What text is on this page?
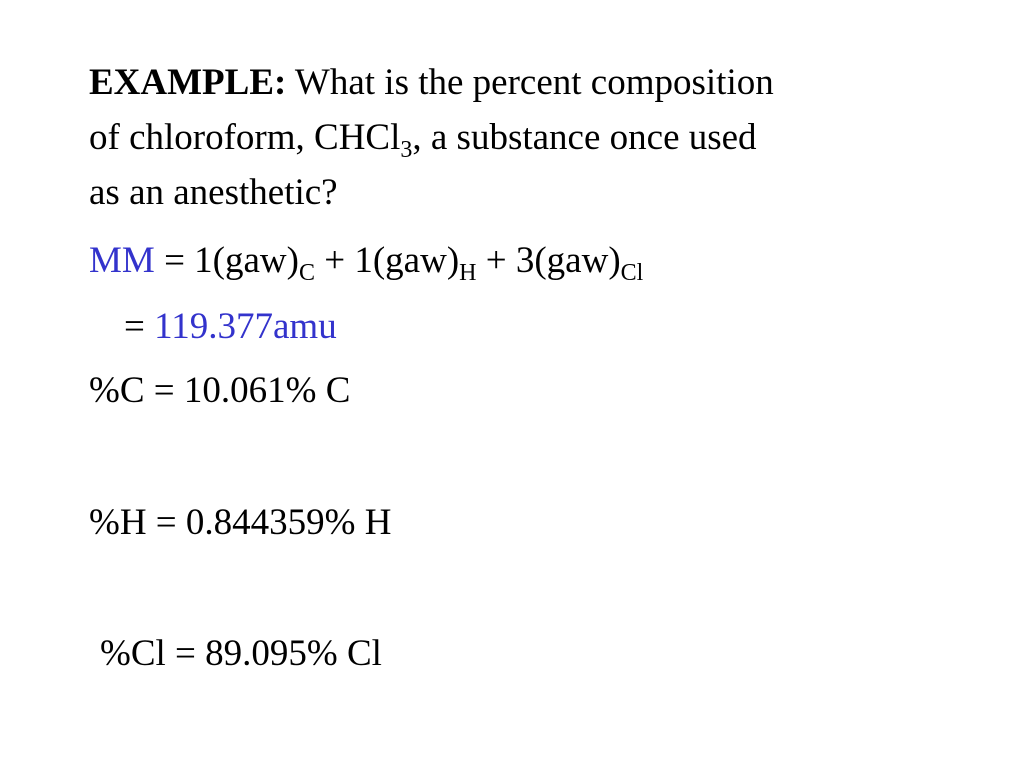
EXAMPLE: What is the percent composition
of chloroform, CHCl$_3$, a substance once used
as an anesthetic?
MM = $1(gaw)_C + 1(gaw)_H + 3(gaw)_{Cl}$
= 119.377amu
%C = 10.061% C
%H = 0.844359% H
%Cl = 89.095% Cl
